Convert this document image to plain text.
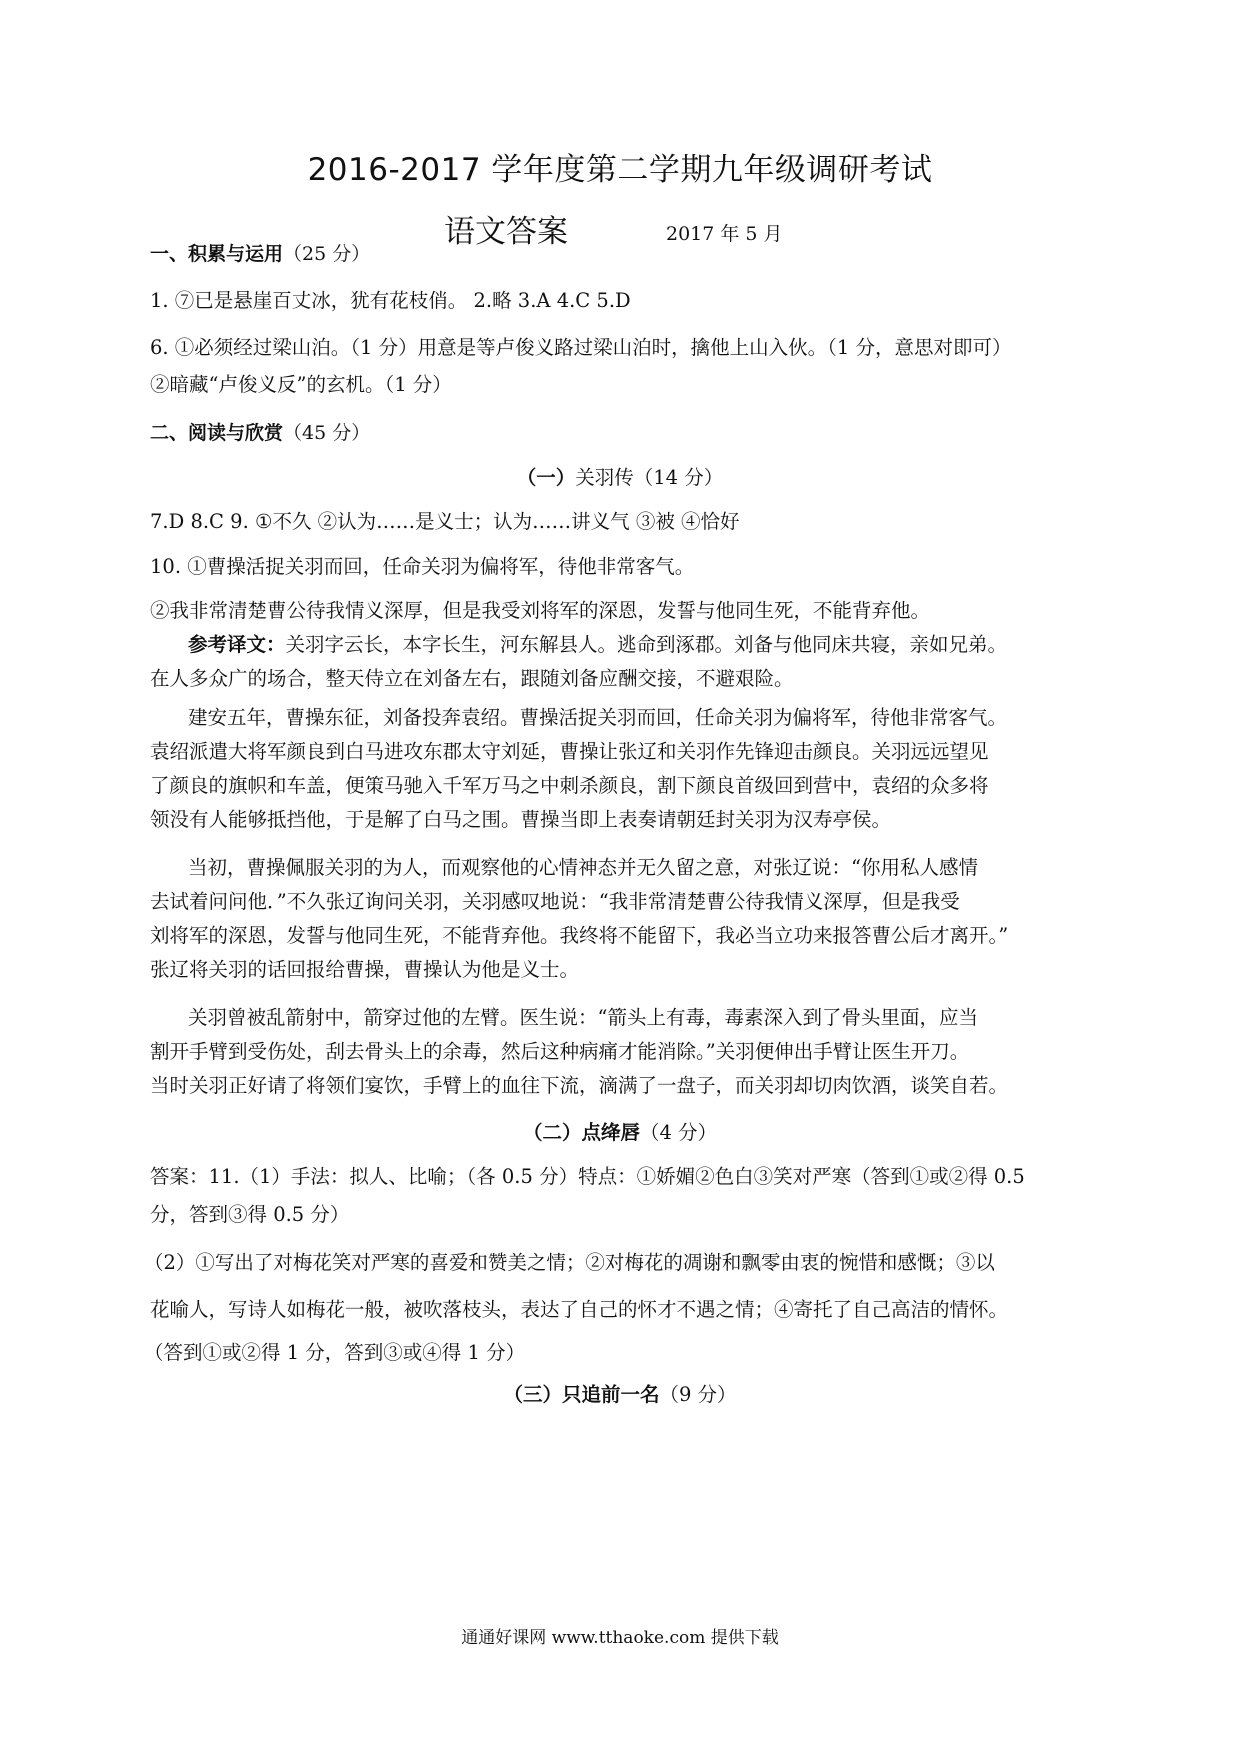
2016-2017 学年度第二学期九年级调研考试
语文答案	2017 年 5 月
一、积累与运用（25 分）
1. ⑦已是悬崖百丈冰，犹有花枝俏。 2.略 3.A 4.C 5.D
6. ①必须经过梁山泊。（1 分）用意是等卢俊义路过梁山泊时，擒他上山入伙。（1 分，意思对即可）
②暗藏“卢俊义反”的玄机。（1 分）
二、阅读与欣赏（45 分）
（一）关羽传（14 分）
7.D 8.C 9. ①不久 ②认为……是义士；认为……讲义气 ③被 ④恰好
10. ①曹操活捉关羽而回，任命关羽为偏将军，待他非常客气。
②我非常清楚曹公待我情义深厚，但是我受刘将军的深恩，发誓与他同生死，不能背弃他。
参考译文：关羽字云长，本字长生，河东解县人。逃命到涿郡。刘备与他同床共寝，亲如兄弟。
在人多众广的场合，整天侍立在刘备左右，跟随刘备应酬交接，不避艰险。
建安五年，曹操东征，刘备投奔袁绍。曹操活捉关羽而回，任命关羽为偏将军，待他非常客气。
袁绍派遣大将军颜良到白马进攻东郡太守刘延，曹操让张辽和关羽作先锋迎击颜良。关羽远远望见
了颜良的旗帜和车盖，便策马驰入千军万马之中刺杀颜良，割下颜良首级回到营中，袁绍的众多将
领没有人能够抵挡他，于是解了白马之围。曹操当即上表奏请朝廷封关羽为汉寿亭侯。
当初，曹操佩服关羽的为人，而观察他的心情神态并无久留之意，对张辽说：“你用私人感情
去试着问问他．”不久张辽询问关羽，关羽感叹地说：“我非常清楚曹公待我情义深厚，但是我受
刘将军的深恩，发誓与他同生死，不能背弃他。我终将不能留下，我必当立功来报答曹公后才离开。”
张辽将关羽的话回报给曹操，曹操认为他是义士。
关羽曾被乱箭射中，箭穿过他的左臂。医生说：“箭头上有毒，毒素深入到了骨头里面，应当
割开手臂到受伤处，刮去骨头上的余毒，然后这种病痛才能消除。”关羽便伸出手臂让医生开刀。
当时关羽正好请了将领们宴饮，手臂上的血往下流，滴满了一盘子，而关羽却切肉饮酒，谈笑自若。
（二）点绛唇（4 分）
答案：11.（1）手法：拟人、比喻；（各 0.5 分）特点：①娇媚②色白③笑对严寒（答到①或②得 0.5
分，答到③得 0.5 分）
（2）①写出了对梅花笑对严寒的喜爱和赞美之情；②对梅花的凋谢和飘零由衷的惋惜和感慨；③以
花喻人，写诗人如梅花一般，被吹落枝头，表达了自己的怀才不遇之情；④寄托了自己高洁的情怀。
（答到①或②得 1 分，答到③或④得 1 分）
（三）只追前一名（9 分）
通通好课网 www.tthaoke.com 提供下载
